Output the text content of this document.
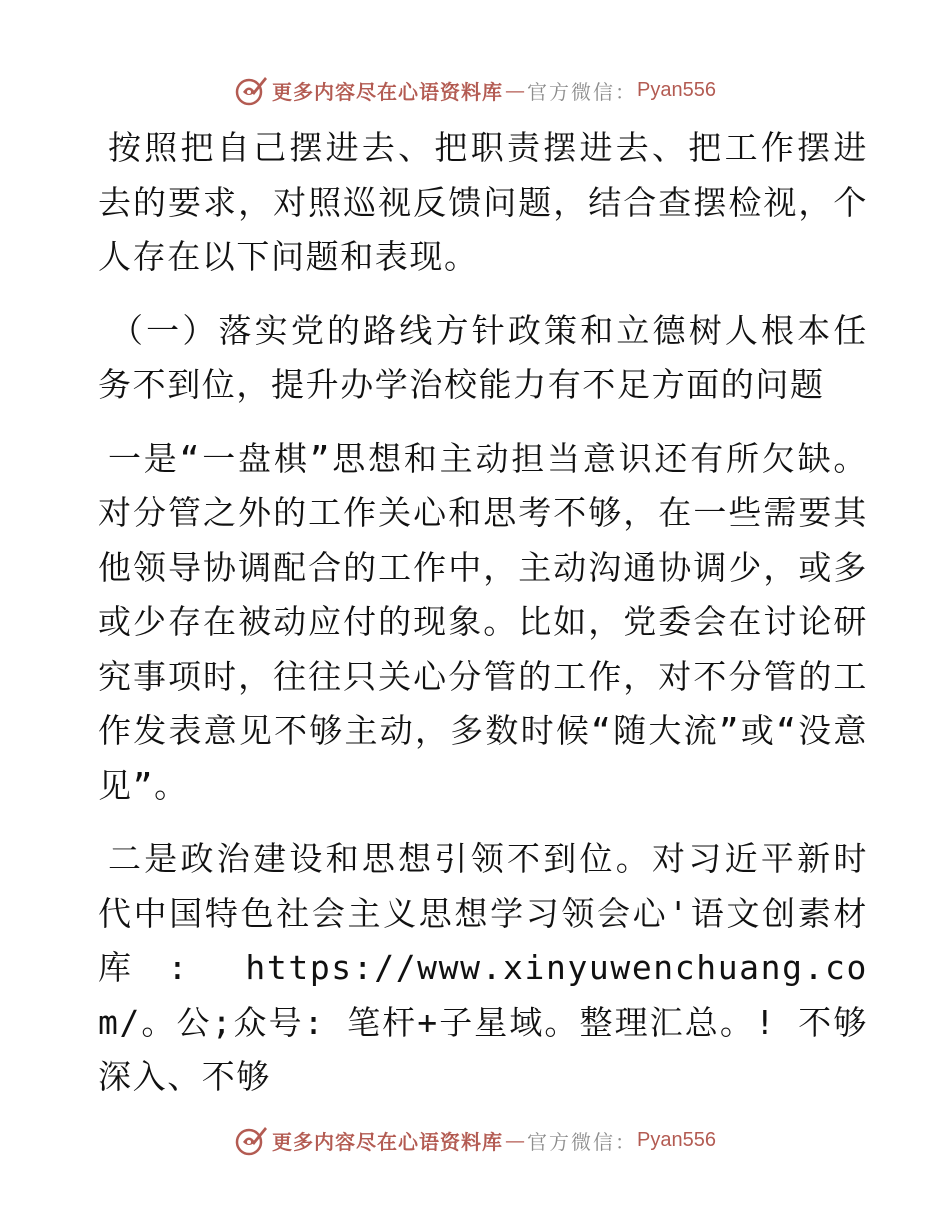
更多内容尽在心语资料库 — 官方微信： Pyan556

按照把自己摆进去、把职责摆进去、把工作摆进去的要求，对照巡视反馈问题，结合查摆检视，个人存在以下问题和表现。

（一）落实党的路线方针政策和立德树人根本任务不到位，提升办学治校能力有不足方面的问题

一是“一盘棋”思想和主动担当意识还有所欠缺。对分管之外的工作关心和思考不够，在一些需要其他领导协调配合的工作中，主动沟通协调少，或多或少存在被动应付的现象。比如，党委会在讨论研究事项时，往往只关心分管的工作，对不分管的工作发表意见不够主动，多数时候“随大流”或“没意见”。

二是政治建设和思想引领不到位。对习近平新时代中国特色社会主义思想学习领会心'语文创素材库: https://www.xinyuwenchuang.com/。公;众号: 笔杆+子星域。整理汇总。! 不够深入、不够

更多内容尽在心语资料库 — 官方微信： Pyan556
